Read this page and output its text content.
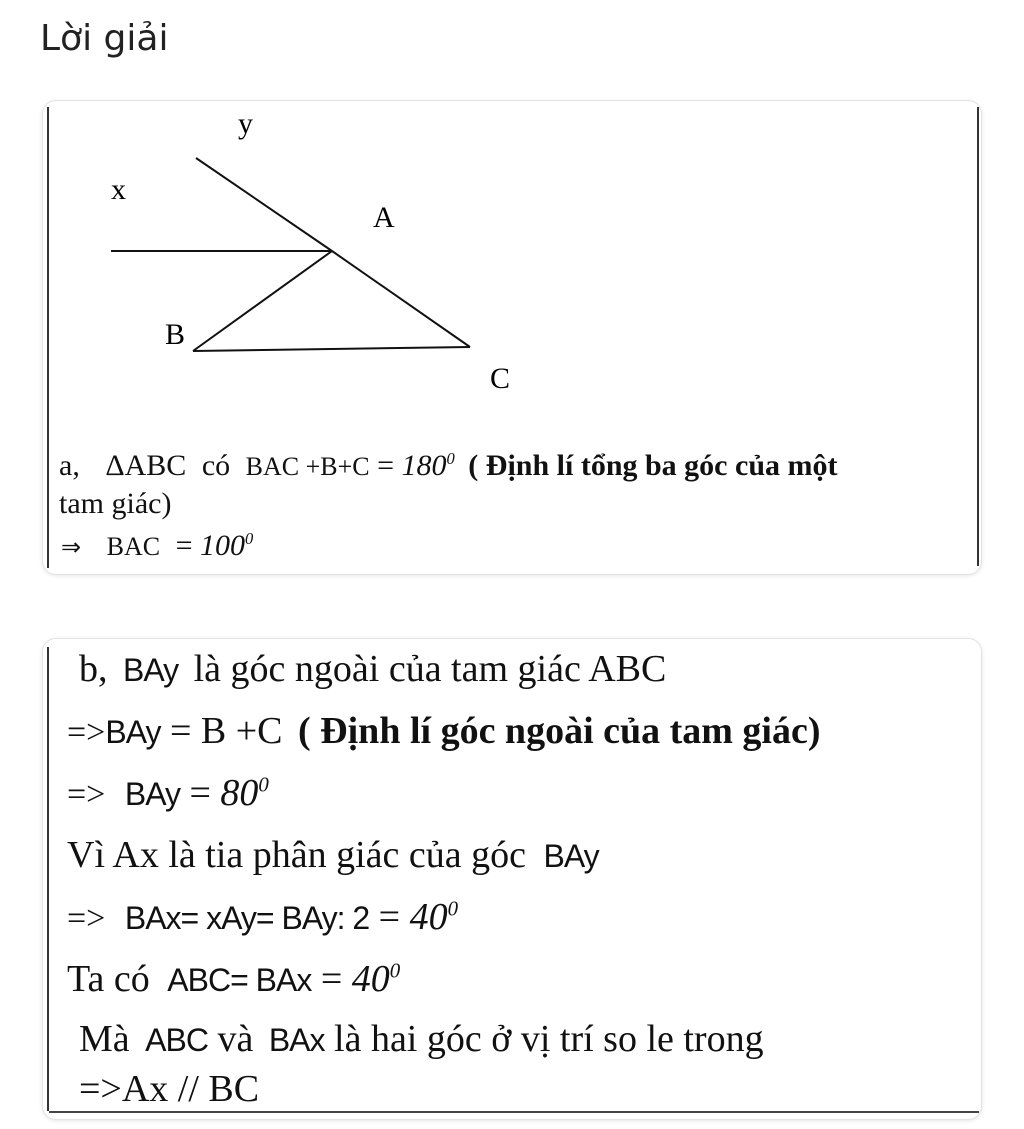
Lời giải
y
x
A
B
C
a, ΔABC có BAC $+B+C = 180^0$ ( Định lí tổng ba góc của một
tam giác)
⇒ BAC = $100^0$
b, BAy là góc ngoài của tam giác ABC
=>BAy = B +C ( Định lí góc ngoài của tam giác)
=> BAy = $80^0$
Vì Ax là tia phân giác của góc BAy
=> BAx= xAy= BAy: $2 = 40^0$
Ta có ABC= BAx = $40^0$
Mà ABC và BAx là hai góc ở vị trí so le trong
=>Ax // BC
